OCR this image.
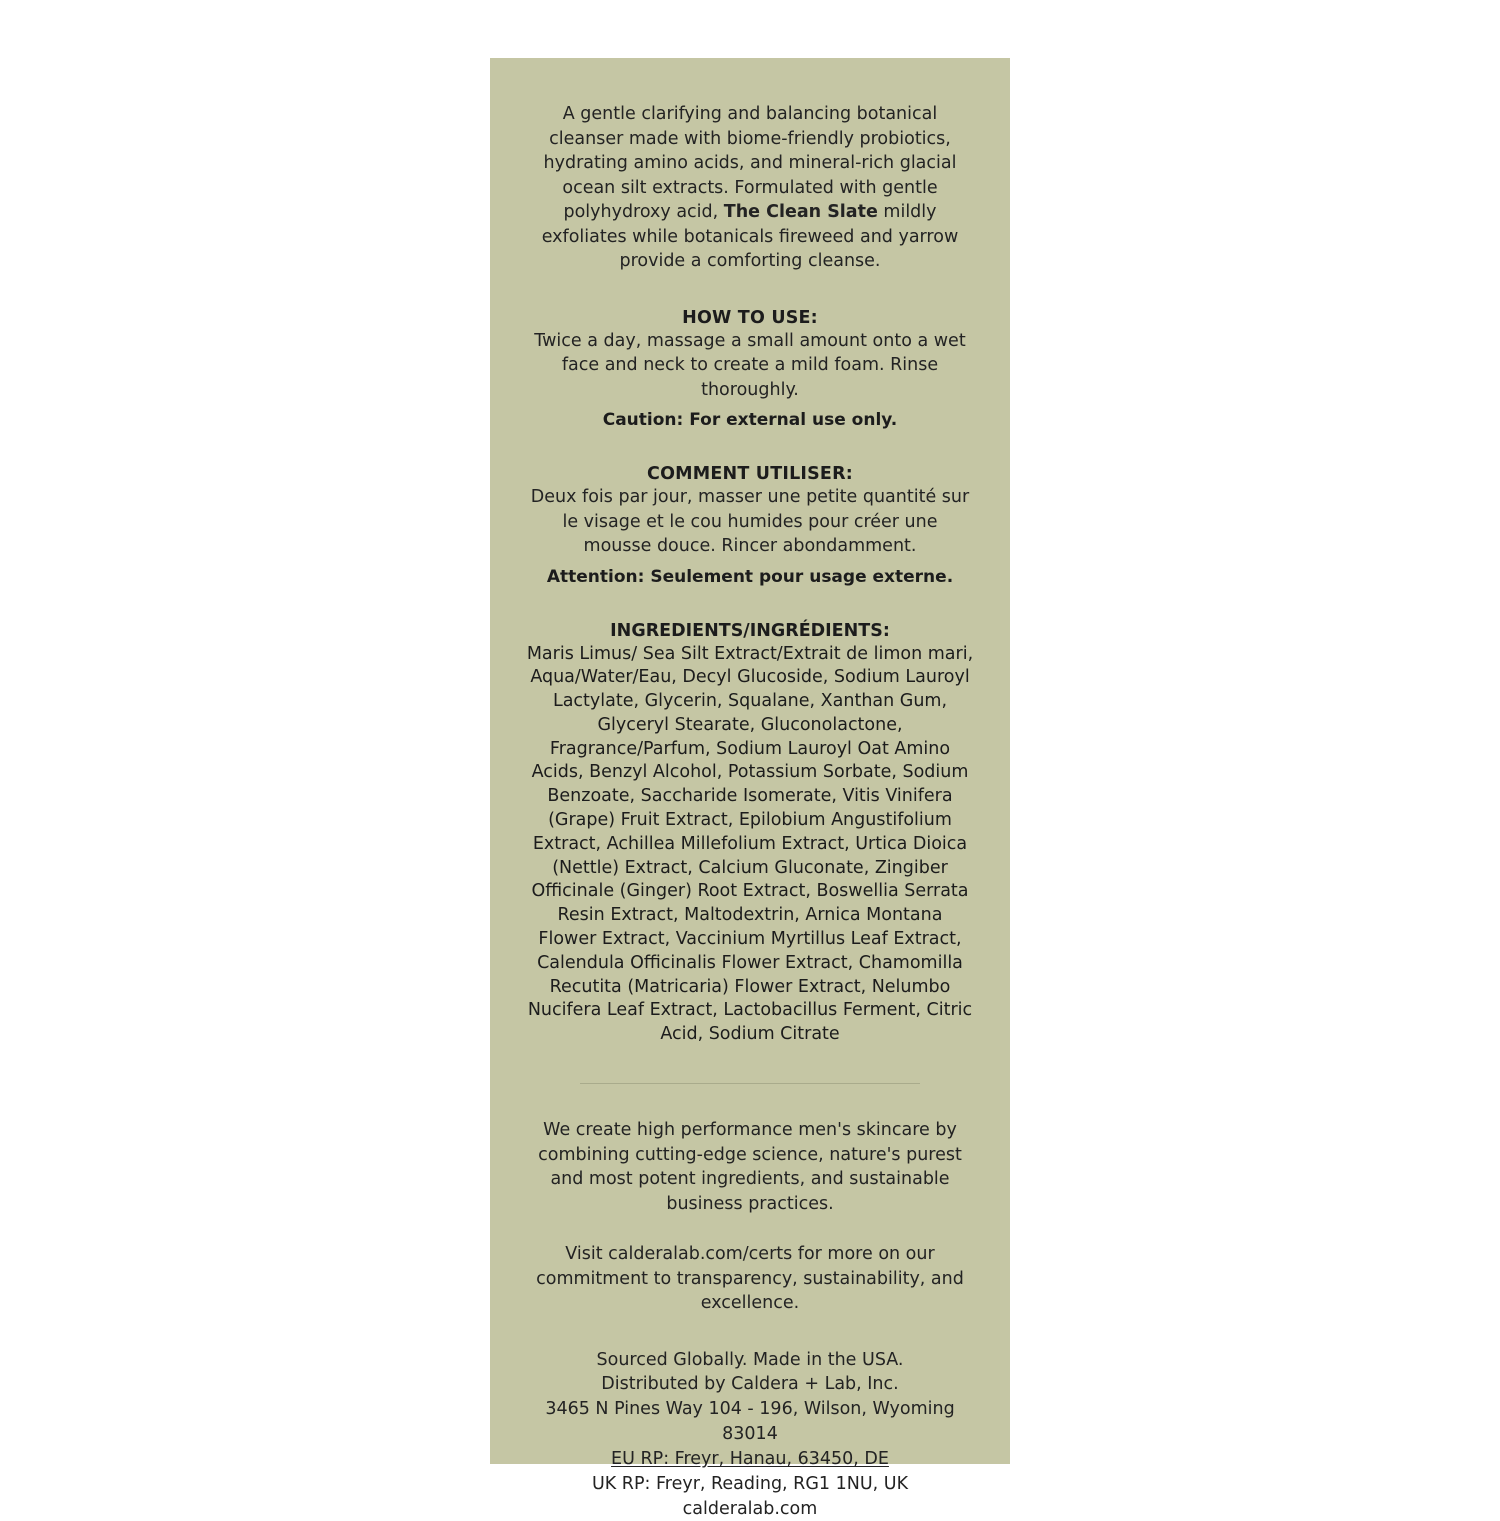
A gentle clarifying and balancing botanical cleanser made with biome-friendly probiotics, hydrating amino acids, and mineral-rich glacial ocean silt extracts. Formulated with gentle polyhydroxy acid, The Clean Slate mildly exfoliates while botanicals fireweed and yarrow provide a comforting cleanse.
HOW TO USE:
Twice a day, massage a small amount onto a wet face and neck to create a mild foam. Rinse thoroughly.
Caution: For external use only.
COMMENT UTILISER:
Deux fois par jour, masser une petite quantité sur le visage et le cou humides pour créer une mousse douce. Rincer abondamment.
Attention: Seulement pour usage externe.
INGREDIENTS/INGRÉDIENTS:
Maris Limus/ Sea Silt Extract/Extrait de limon mari, Aqua/Water/Eau, Decyl Glucoside, Sodium Lauroyl Lactylate, Glycerin, Squalane, Xanthan Gum, Glyceryl Stearate, Gluconolactone, Fragrance/Parfum, Sodium Lauroyl Oat Amino Acids, Benzyl Alcohol, Potassium Sorbate, Sodium Benzoate, Saccharide Isomerate, Vitis Vinifera (Grape) Fruit Extract, Epilobium Angustifolium Extract, Achillea Millefolium Extract, Urtica Dioica (Nettle) Extract, Calcium Gluconate, Zingiber Officinale (Ginger) Root Extract, Boswellia Serrata Resin Extract, Maltodextrin, Arnica Montana Flower Extract, Vaccinium Myrtillus Leaf Extract, Calendula Officinalis Flower Extract, Chamomilla Recutita (Matricaria) Flower Extract, Nelumbo Nucifera Leaf Extract, Lactobacillus Ferment, Citric Acid, Sodium Citrate
We create high performance men's skincare by combining cutting-edge science, nature's purest and most potent ingredients, and sustainable business practices.
Visit calderalab.com/certs for more on our commitment to transparency, sustainability, and excellence.
Sourced Globally. Made in the USA.
Distributed by Caldera + Lab, Inc.
3465 N Pines Way 104 - 196, Wilson, Wyoming 83014
EU RP: Freyr, Hanau, 63450, DE
UK RP: Freyr, Reading, RG1 1NU, UK
calderalab.com
